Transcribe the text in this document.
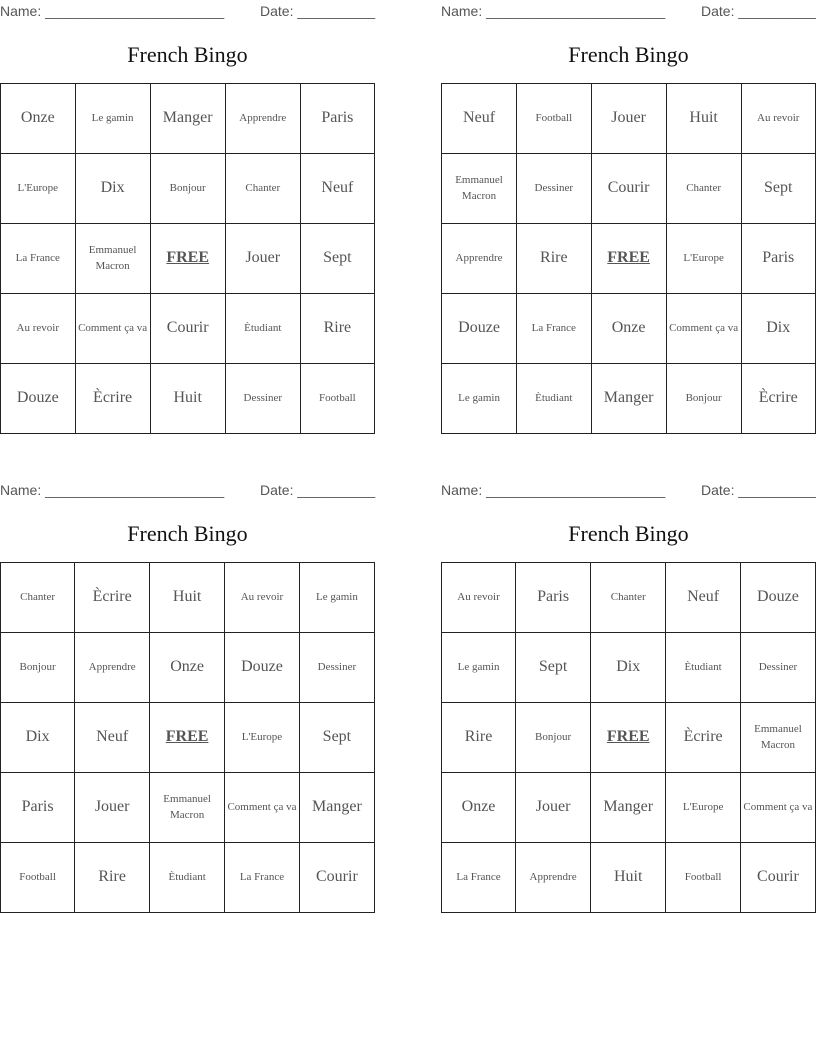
Name: _______________________	Date: __________
French Bingo
Onze	Le gamin	Manger	Apprendre	Paris
L'Europe	Dix	Bonjour	Chanter	Neuf
La France	Emmanuel Macron	FREE	Jouer	Sept
Au revoir	Comment ça va	Courir	Ètudiant	Rire
Douze	Ècrire	Huit	Dessiner	Football
Name: _______________________	Date: __________
French Bingo
Neuf	Football	Jouer	Huit	Au revoir
Emmanuel Macron	Dessiner	Courir	Chanter	Sept
Apprendre	Rire	FREE	L'Europe	Paris
Douze	La France	Onze	Comment ça va	Dix
Le gamin	Ètudiant	Manger	Bonjour	Ècrire
Name: _______________________	Date: __________
French Bingo
Chanter	Ècrire	Huit	Au revoir	Le gamin
Bonjour	Apprendre	Onze	Douze	Dessiner
Dix	Neuf	FREE	L'Europe	Sept
Paris	Jouer	Emmanuel Macron	Comment ça va	Manger
Football	Rire	Ètudiant	La France	Courir
Name: _______________________	Date: __________
French Bingo
Au revoir	Paris	Chanter	Neuf	Douze
Le gamin	Sept	Dix	Ètudiant	Dessiner
Rire	Bonjour	FREE	Ècrire	Emmanuel Macron
Onze	Jouer	Manger	L'Europe	Comment ça va
La France	Apprendre	Huit	Football	Courir
